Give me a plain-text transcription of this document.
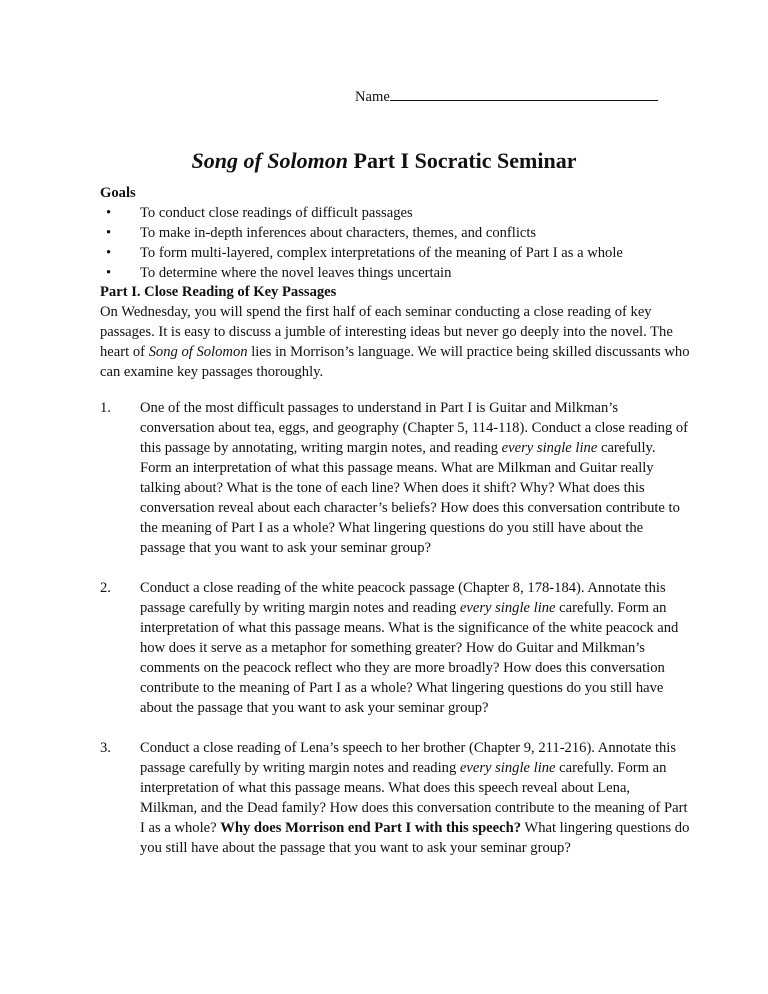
Name
Song of Solomon Part I Socratic Seminar
Goals
• To conduct close readings of difficult passages
• To make in-depth inferences about characters, themes, and conflicts
• To form multi-layered, complex interpretations of the meaning of Part I as a whole
• To determine where the novel leaves things uncertain
Part I. Close Reading of Key Passages
On Wednesday, you will spend the first half of each seminar conducting a close reading of key passages. It is easy to discuss a jumble of interesting ideas but never go deeply into the novel. The heart of Song of Solomon lies in Morrison’s language. We will practice being skilled discussants who can examine key passages thoroughly.
1. One of the most difficult passages to understand in Part I is Guitar and Milkman’s conversation about tea, eggs, and geography (Chapter 5, 114-118). Conduct a close reading of this passage by annotating, writing margin notes, and reading every single line carefully. Form an interpretation of what this passage means. What are Milkman and Guitar really talking about? What is the tone of each line? When does it shift? Why? What does this conversation reveal about each character’s beliefs? How does this conversation contribute to the meaning of Part I as a whole? What lingering questions do you still have about the passage that you want to ask your seminar group?
2. Conduct a close reading of the white peacock passage (Chapter 8, 178-184). Annotate this passage carefully by writing margin notes and reading every single line carefully. Form an interpretation of what this passage means. What is the significance of the white peacock and how does it serve as a metaphor for something greater? How do Guitar and Milkman’s comments on the peacock reflect who they are more broadly? How does this conversation contribute to the meaning of Part I as a whole? What lingering questions do you still have about the passage that you want to ask your seminar group?
3. Conduct a close reading of Lena’s speech to her brother (Chapter 9, 211-216). Annotate this passage carefully by writing margin notes and reading every single line carefully. Form an interpretation of what this passage means. What does this speech reveal about Lena, Milkman, and the Dead family? How does this conversation contribute to the meaning of Part I as a whole? Why does Morrison end Part I with this speech? What lingering questions do you still have about the passage that you want to ask your seminar group?
